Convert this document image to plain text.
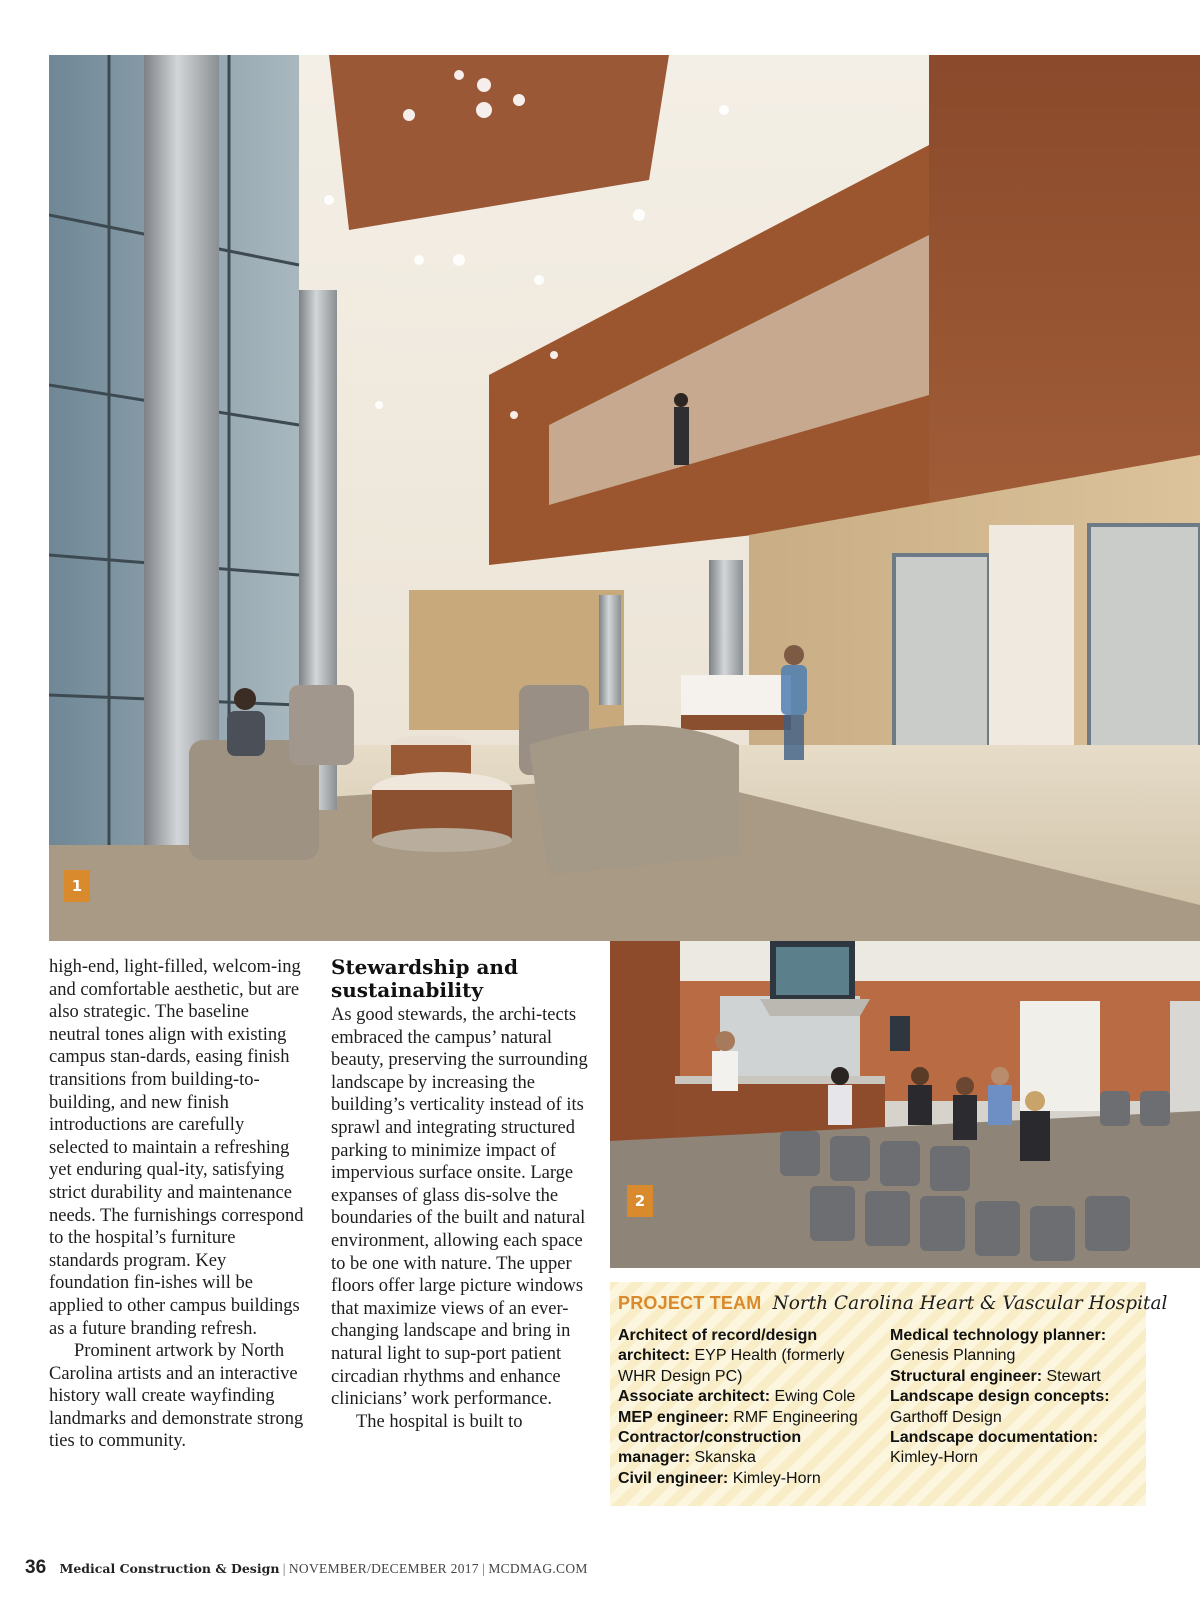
1
2

high-end, light-filled, welcom-ing and comfortable aesthetic, but are also strategic. The baseline neutral tones align with existing campus stan-dards, easing finish transitions from building-to-building, and new finish introductions are carefully selected to maintain a refreshing yet enduring qual-ity, satisfying strict durability and maintenance needs. The furnishings correspond to the hospital’s furniture standards program. Key foundation fin-ishes will be applied to other campus buildings as a future branding refresh.

Prominent artwork by North Carolina artists and an interactive history wall create wayfinding landmarks and demonstrate strong ties to community.

Stewardship and sustainability

As good stewards, the archi-tects embraced the campus’ natural beauty, preserving the surrounding landscape by increasing the building’s verticality instead of its sprawl and integrating structured parking to minimize impact of impervious surface onsite. Large expanses of glass dis-solve the boundaries of the built and natural environment, allowing each space to be one with nature. The upper floors offer large picture windows that maximize views of an ever-changing landscape and bring in natural light to sup-port patient circadian rhythms and enhance clinicians’ work performance.

The hospital is built to

PROJECT TEAM North Carolina Heart & Vascular Hospital

Architect of record/design architect: EYP Health (formerly WHR Design PC)

Associate architect: Ewing Cole

MEP engineer: RMF Engineering

Contractor/construction manager: Skanska

Civil engineer: Kimley-Horn

Medical technology planner: Genesis Planning

Structural engineer: Stewart

Landscape design concepts: Garthoff Design

Landscape documentation: Kimley-Horn

36 Medical Construction & Design | NOVEMBER/DECEMBER 2017 | MCDMAG.COM
